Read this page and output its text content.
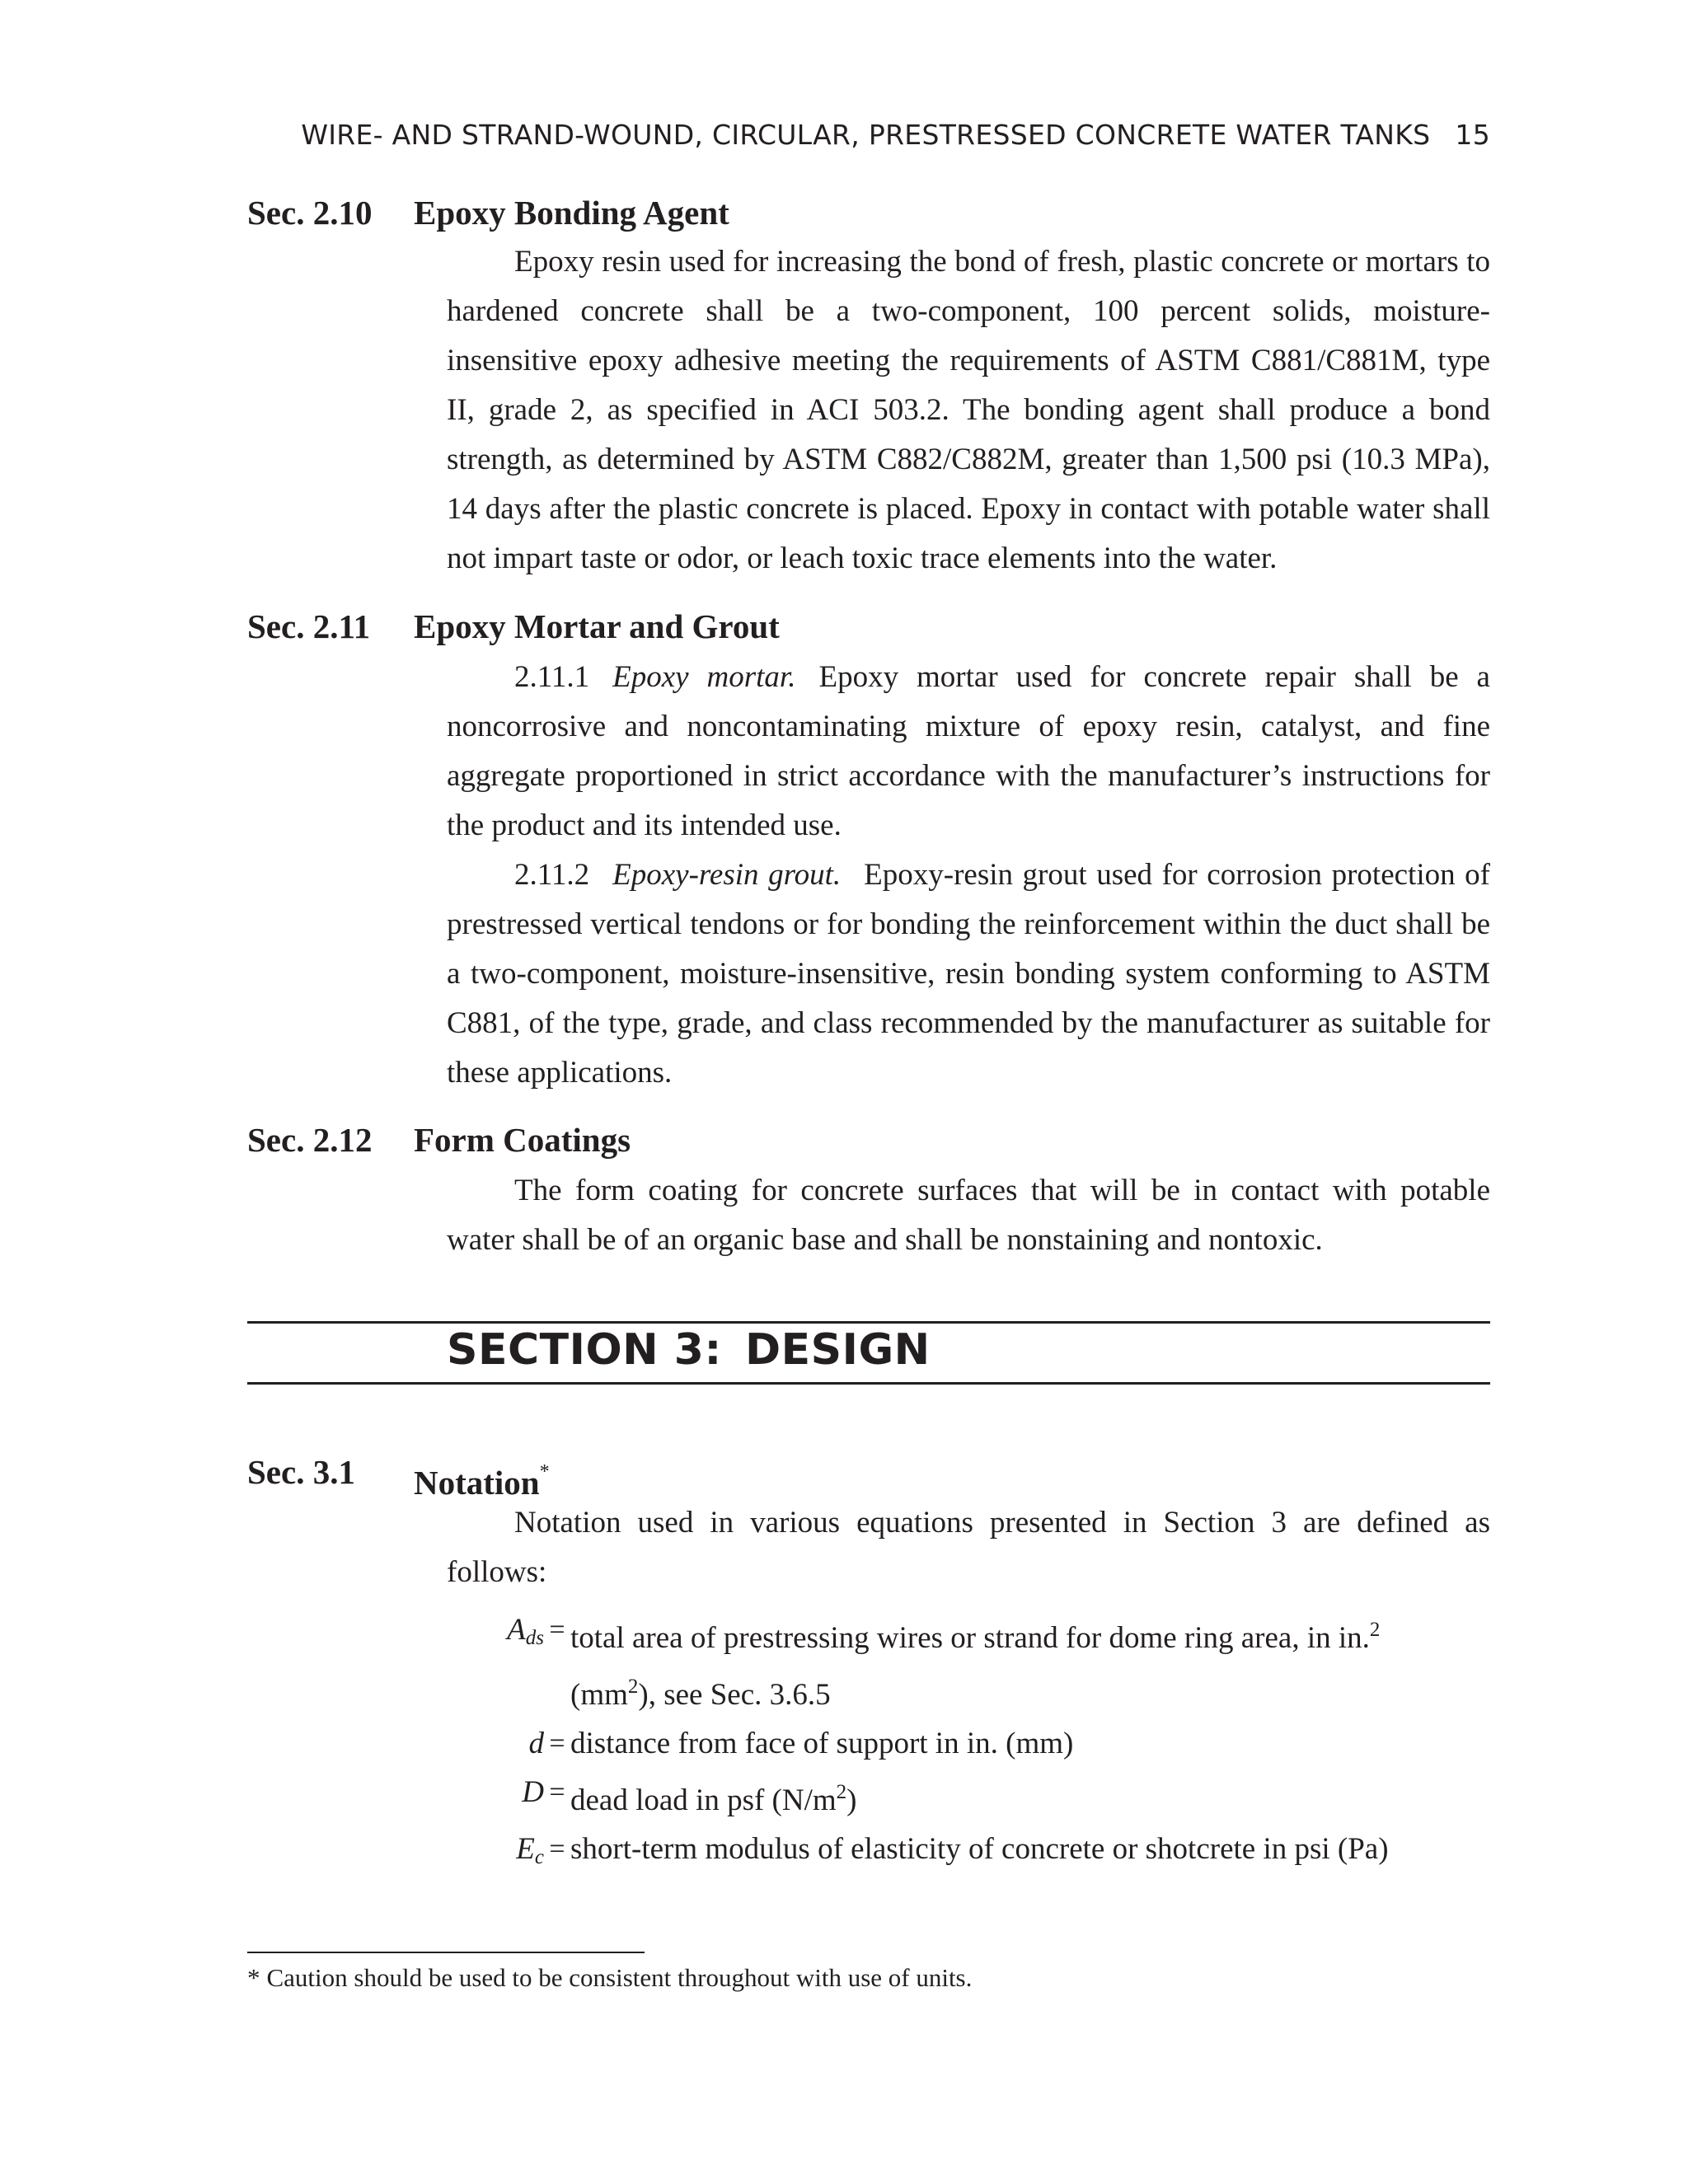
WIRE- AND STRAND-WOUND, CIRCULAR, PRESTRESSED CONCRETE WATER TANKS 15
Sec. 2.10 Epoxy Bonding Agent

Epoxy resin used for increasing the bond of fresh, plastic concrete or mortars to hardened concrete shall be a two-component, 100 percent solids, moisture-insensitive epoxy adhesive meeting the requirements of ASTM C881/C881M, type II, grade 2, as specified in ACI 503.2. The bonding agent shall produce a bond strength, as determined by ASTM C882/C882M, greater than 1,500 psi (10.3 MPa), 14 days after the plastic concrete is placed. Epoxy in contact with potable water shall not impart taste or odor, or leach toxic trace elements into the water.

Sec. 2.11 Epoxy Mortar and Grout

2.11.1 Epoxy mortar. Epoxy mortar used for concrete repair shall be a noncorrosive and noncontaminating mixture of epoxy resin, catalyst, and fine aggregate proportioned in strict accordance with the manufacturer’s instructions for the product and its intended use.

2.11.2 Epoxy-resin grout. Epoxy-resin grout used for corrosion protection of prestressed vertical tendons or for bonding the reinforcement within the duct shall be a two-component, moisture-insensitive, resin bonding system conforming to ASTM C881, of the type, grade, and class recommended by the manufacturer as suitable for these applications.

Sec. 2.12 Form Coatings

The form coating for concrete surfaces that will be in contact with potable water shall be of an organic base and shall be nonstaining and nontoxic.

SECTION 3: DESIGN
Sec. 3.1 Notation*

Notation used in various equations presented in Section 3 are defined as follows:

$A_{ds}$ = total area of prestressing wires or strand for dome ring area, in in.$^2$
$(mm^2)$, see Sec. 3.6.5
d = distance from face of support in in. (mm)
D = dead load in psf $(N/m^2)$
$E_c$ = short-term modulus of elasticity of concrete or shotcrete in psi (Pa)
* Caution should be used to be consistent throughout with use of units.
